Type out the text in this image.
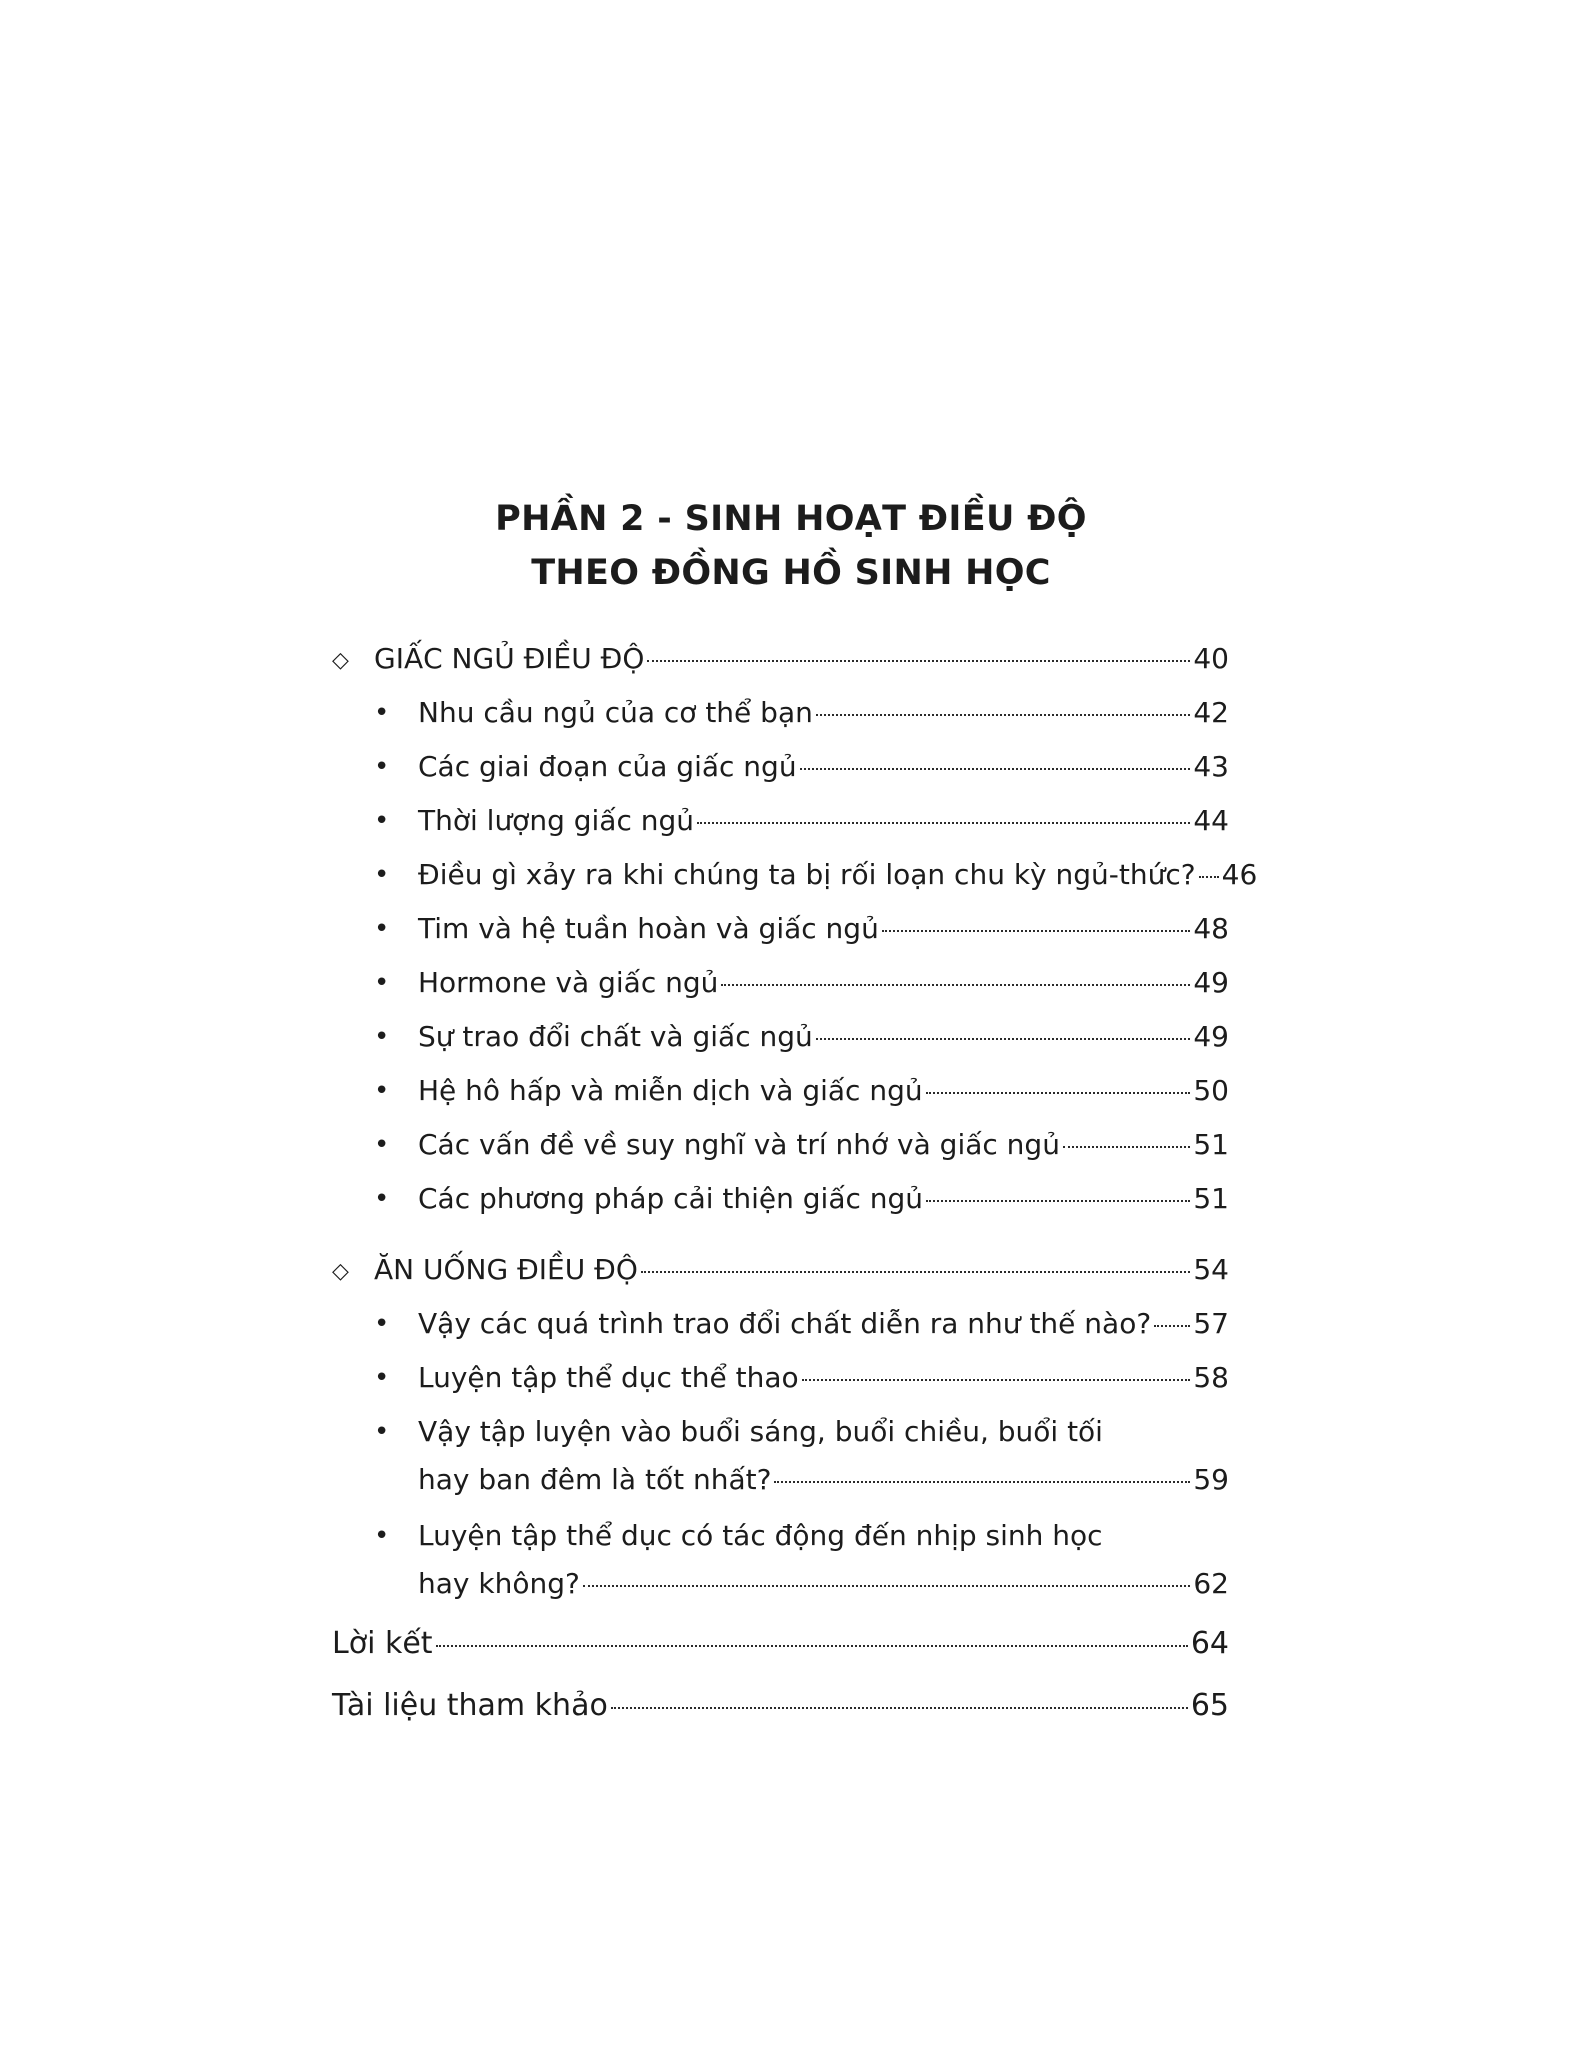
PHẦN 2 - SINH HOẠT ĐIỀU ĐỘ
THEO ĐỒNG HỒ SINH HỌC
◇ GIẤC NGỦ ĐIỀU ĐỘ	40
• Nhu cầu ngủ của cơ thể bạn	42
• Các giai đoạn của giấc ngủ	43
• Thời lượng giấc ngủ	44
• Điều gì xảy ra khi chúng ta bị rối loạn chu kỳ ngủ-thức? 46
• Tim và hệ tuần hoàn và giấc ngủ	48
• Hormone và giấc ngủ	49
• Sự trao đổi chất và giấc ngủ	49
• Hệ hô hấp và miễn dịch và giấc ngủ	50
• Các vấn đề về suy nghĩ và trí nhớ và giấc ngủ	51
• Các phương pháp cải thiện giấc ngủ	51
◇ ĂN UỐNG ĐIỀU ĐỘ	54
• Vậy các quá trình trao đổi chất diễn ra như thế nào? 57
• Luyện tập thể dục thể thao	58
• Vậy tập luyện vào buổi sáng, buổi chiều, buổi tối
hay ban đêm là tốt nhất?	59
• Luyện tập thể dục có tác động đến nhịp sinh học
hay không?	62
Lời kết	64
Tài liệu tham khảo	65
